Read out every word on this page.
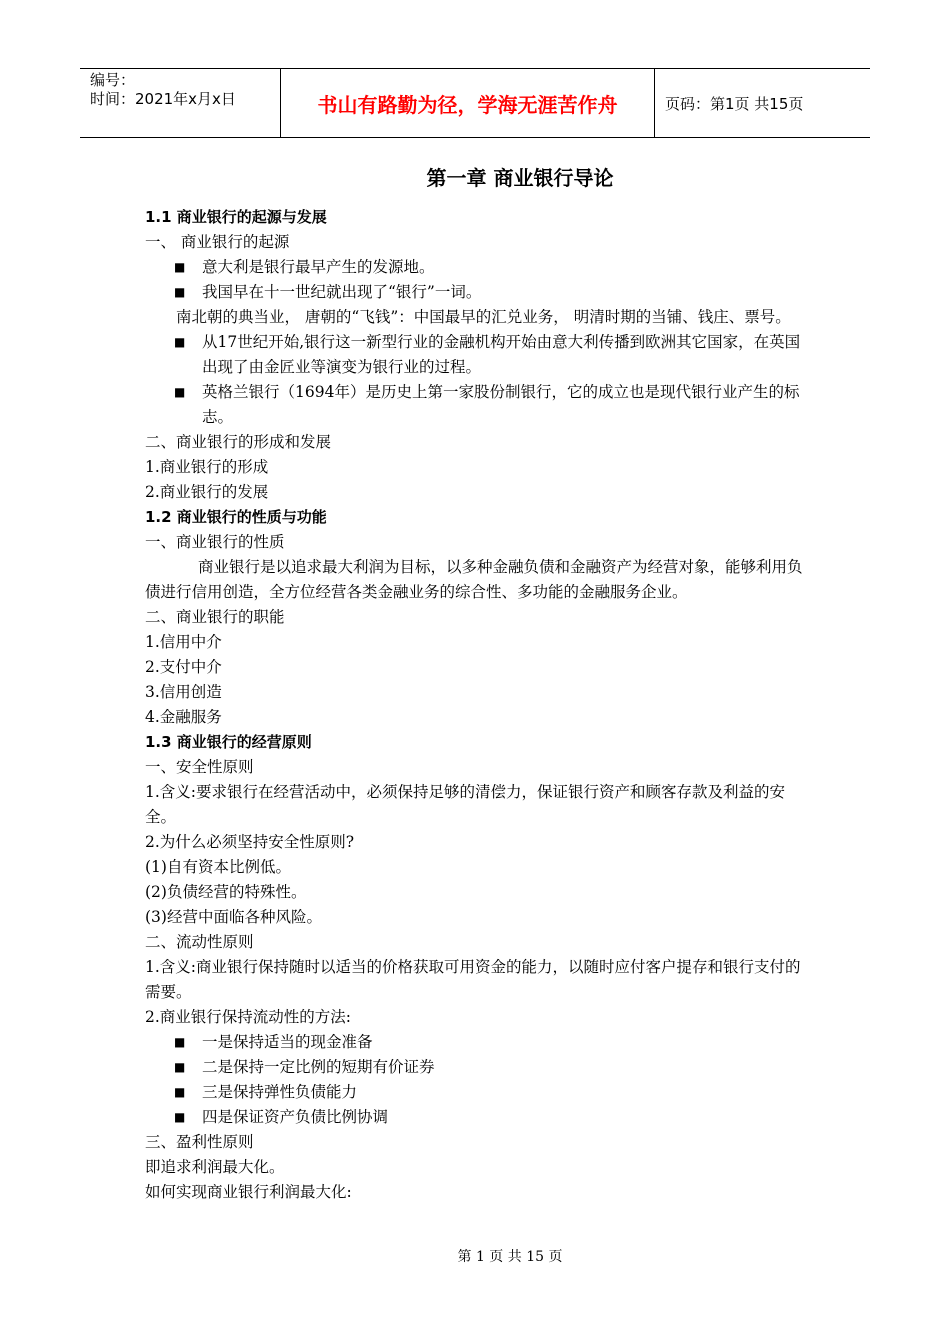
编号：
时间：2021年x月x日	书山有路勤为径，学海无涯苦作舟	页码：第1页 共15页
第一章 商业银行导论
1.1 商业银行的起源与发展
一、 商业银行的起源
■ 意大利是银行最早产生的发源地。
■ 我国早在十一世纪就出现了“银行”一词。
南北朝的典当业， 唐朝的“飞钱”：中国最早的汇兑业务， 明清时期的当铺、钱庄、票号。
■ 从17世纪开始,银行这一新型行业的金融机构开始由意大利传播到欧洲其它国家，在英国出现了由金匠业等演变为银行业的过程。
■ 英格兰银行（1694年）是历史上第一家股份制银行，它的成立也是现代银行业产生的标志。
二、商业银行的形成和发展
1.商业银行的形成
2.商业银行的发展
1.2 商业银行的性质与功能
一、商业银行的性质
商业银行是以追求最大利润为目标，以多种金融负债和金融资产为经营对象，能够利用负债进行信用创造，全方位经营各类金融业务的综合性、多功能的金融服务企业。
二、商业银行的职能
1.信用中介
2.支付中介
3.信用创造
4.金融服务
1.3 商业银行的经营原则
一、安全性原则
1.含义:要求银行在经营活动中，必须保持足够的清偿力，保证银行资产和顾客存款及利益的安全。
2.为什么必须坚持安全性原则?
(1)自有资本比例低。
(2)负债经营的特殊性。
(3)经营中面临各种风险。
二、流动性原则
1.含义:商业银行保持随时以适当的价格获取可用资金的能力，以随时应付客户提存和银行支付的需要。
2.商业银行保持流动性的方法:
■ 一是保持适当的现金准备
■ 二是保持一定比例的短期有价证券
■ 三是保持弹性负债能力
■ 四是保证资产负债比例协调
三、盈利性原则
即追求利润最大化。
如何实现商业银行利润最大化:
第 1 页 共 15 页
